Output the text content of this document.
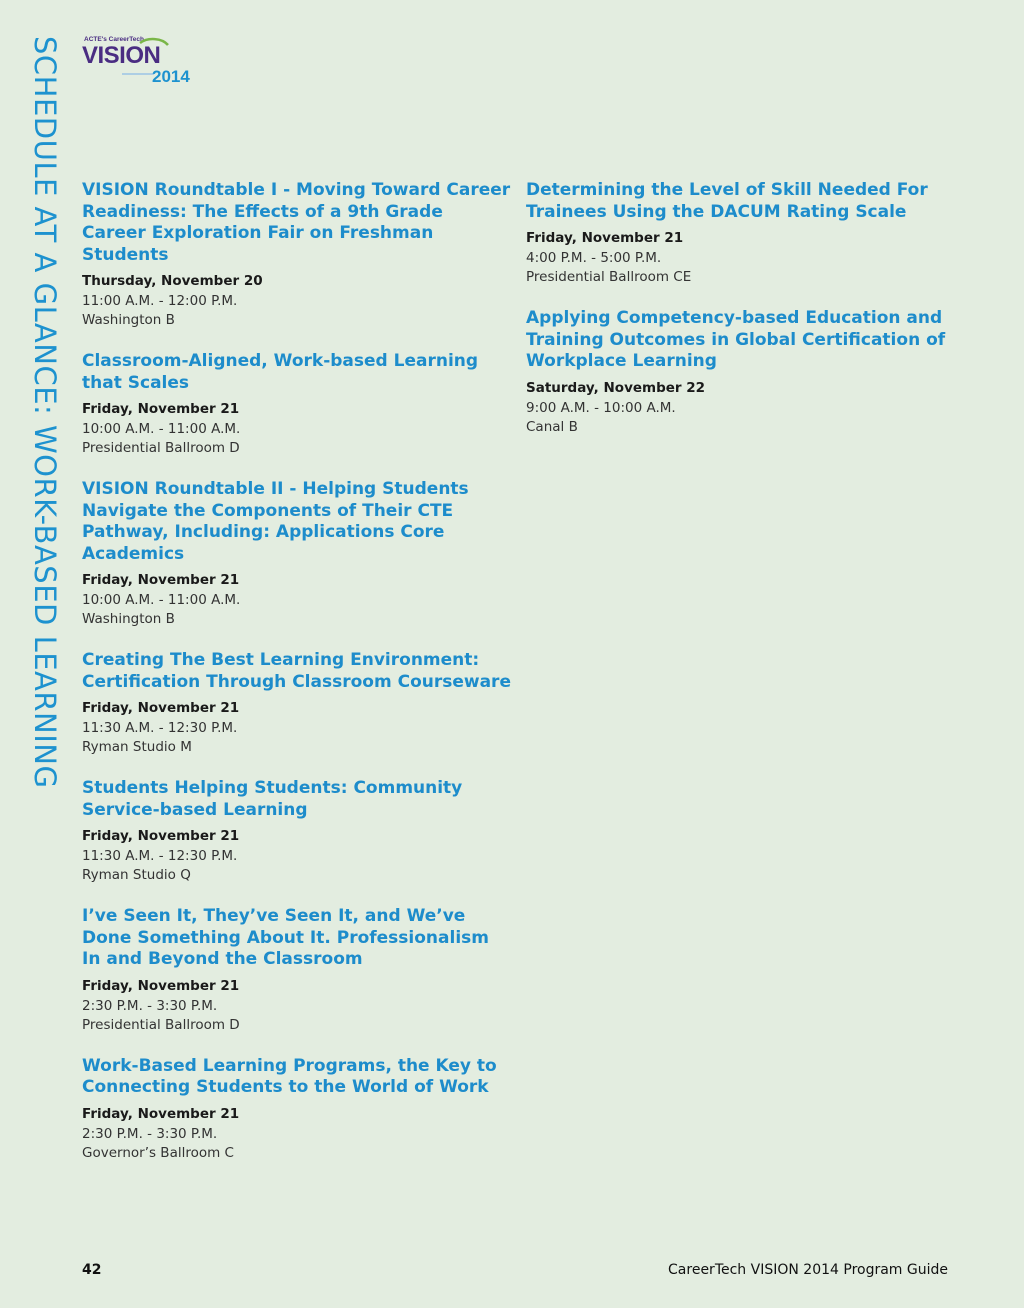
SCHEDULE AT A GLANCE: WORK-BASED LEARNING	ACTE's CareerTech
VISION
2014

VISION Roundtable I - Moving Toward Career Readiness: The Effects of a 9th Grade Career Exploration Fair on Freshman Students

Thursday, November 20

11:00 A.M. - 12:00 P.M.

Washington B

Classroom-Aligned, Work-based Learning that Scales

Friday, November 21

10:00 A.M. - 11:00 A.M.

Presidential Ballroom D

VISION Roundtable II - Helping Students Navigate the Components of Their CTE Pathway, Including: Applications Core Academics

Friday, November 21

10:00 A.M. - 11:00 A.M.

Washington B

Creating The Best Learning Environment: Certification Through Classroom Courseware

Friday, November 21

11:30 A.M. - 12:30 P.M.

Ryman Studio M

Students Helping Students: Community Service-based Learning

Friday, November 21

11:30 A.M. - 12:30 P.M.

Ryman Studio Q

I’ve Seen It, They’ve Seen It, and We’ve Done Something About It. Professionalism In and Beyond the Classroom

Friday, November 21

2:30 P.M. - 3:30 P.M.

Presidential Ballroom D

Work-Based Learning Programs, the Key to Connecting Students to the World of Work

Friday, November 21

2:30 P.M. - 3:30 P.M.

Governor’s Ballroom C

Determining the Level of Skill Needed For Trainees Using the DACUM Rating Scale

Friday, November 21

4:00 P.M. - 5:00 P.M.

Presidential Ballroom CE

Applying Competency-based Education and Training Outcomes in Global Certification of Workplace Learning

Saturday, November 22

9:00 A.M. - 10:00 A.M.

Canal B

42	CareerTech VISION 2014 Program Guide
